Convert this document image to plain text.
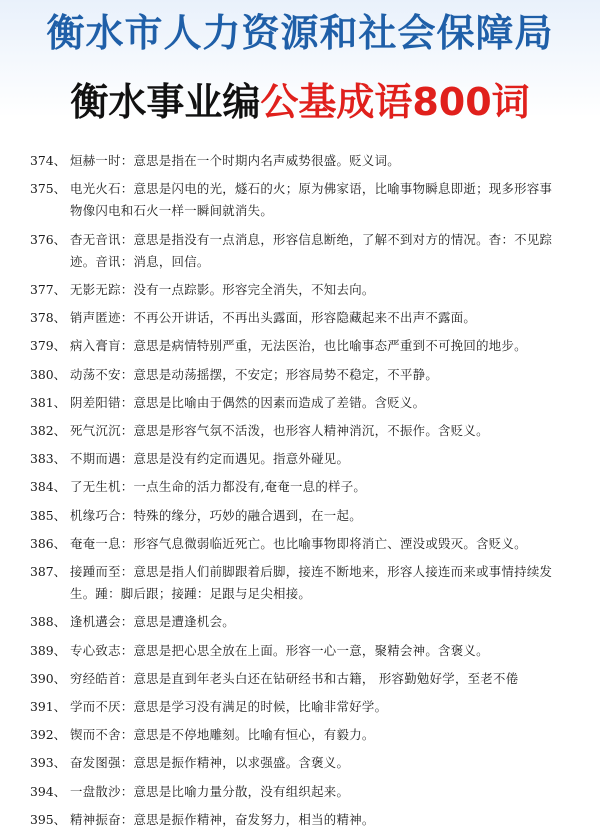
衡水市人力资源和社会保障局
衡水事业编公基成语800词
374、 烜赫一时：意思是指在一个时期内名声威势很盛。贬义词。
375、 电光火石：意思是闪电的光，燧石的火；原为佛家语，比喻事物瞬息即逝；现多形容事物像闪电和石火一样一瞬间就消失。
376、 杳无音讯：意思是指没有一点消息，形容信息断绝，了解不到对方的情况。杳：不见踪迹。音讯：消息，回信。
377、 无影无踪：没有一点踪影。形容完全消失，不知去向。
378、 销声匿迹：不再公开讲话，不再出头露面，形容隐藏起来不出声不露面。
379、 病入膏肓：意思是病情特别严重，无法医治，也比喻事态严重到不可挽回的地步。
380、 动荡不安：意思是动荡摇摆，不安定；形容局势不稳定，不平静。
381、 阴差阳错：意思是比喻由于偶然的因素而造成了差错。含贬义。
382、 死气沉沉：意思是形容气氛不活泼，也形容人精神消沉，不振作。含贬义。
383、 不期而遇：意思是没有约定而遇见。指意外碰见。
384、 了无生机：一点生命的活力都没有,奄奄一息的样子。
385、 机缘巧合：特殊的缘分，巧妙的融合遇到，在一起。
386、 奄奄一息：形容气息微弱临近死亡。也比喻事物即将消亡、湮没或毁灭。含贬义。
387、 接踵而至：意思是指人们前脚跟着后脚，接连不断地来，形容人接连而来或事情持续发生。踵：脚后跟；接踵：足跟与足尖相接。
388、 逢机遘会：意思是遭逢机会。
389、 专心致志：意思是把心思全放在上面。形容一心一意，聚精会神。含褒义。
390、 穷经皓首：意思是直到年老头白还在钻研经书和古籍， 形容勤勉好学，至老不倦
391、 学而不厌：意思是学习没有满足的时候，比喻非常好学。
392、 锲而不舍：意思是不停地雕刻。比喻有恒心，有毅力。
393、 奋发图强：意思是振作精神，以求强盛。含褒义。
394、 一盘散沙：意思是比喻力量分散，没有组织起来。
395、 精神振奋：意思是振作精神，奋发努力，相当的精神。
